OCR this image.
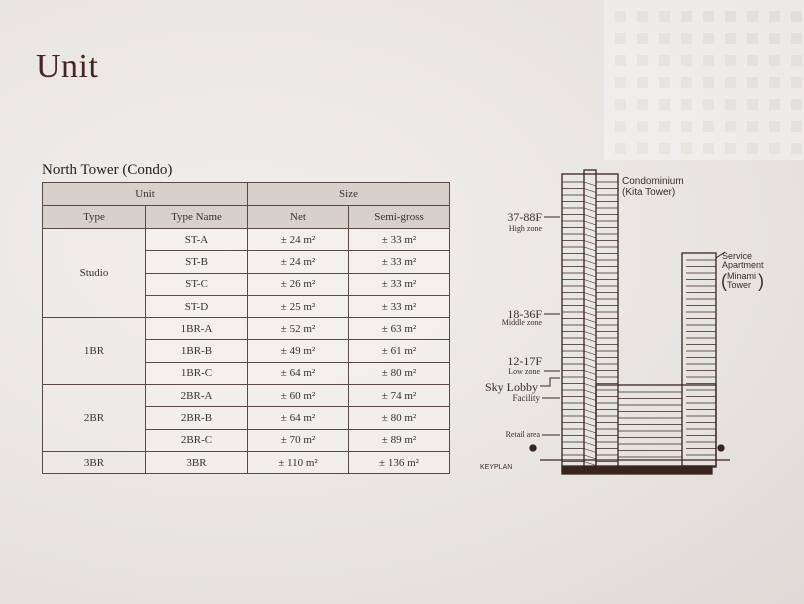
Unit
North Tower (Condo)
Unit		Size	
Type	Type Name	Net	Semi-gross
Studio	ST-A	± 24 m²	± 33 m²
	ST-B	± 24 m²	± 33 m²
	ST-C	± 26 m²	± 33 m²
	ST-D	± 25 m²	± 33 m²
1BR	1BR-A	± 52 m²	± 63 m²
	1BR-B	± 49 m²	± 61 m²
	1BR-C	± 64 m²	± 80 m²
2BR	2BR-A	± 60 m²	± 74 m²
	2BR-B	± 64 m²	± 80 m²
	2BR-C	± 70 m²	± 89 m²
3BR	3BR	± 110 m²	± 136 m²
Condominium
(Kita Tower)
37-88F
High zone
18-36F
Middle zone
12-17F
Low zone
Sky Lobby
Facility
Retail area
KEYPLAN
Service
Apartment
Minami
Tower
( )
